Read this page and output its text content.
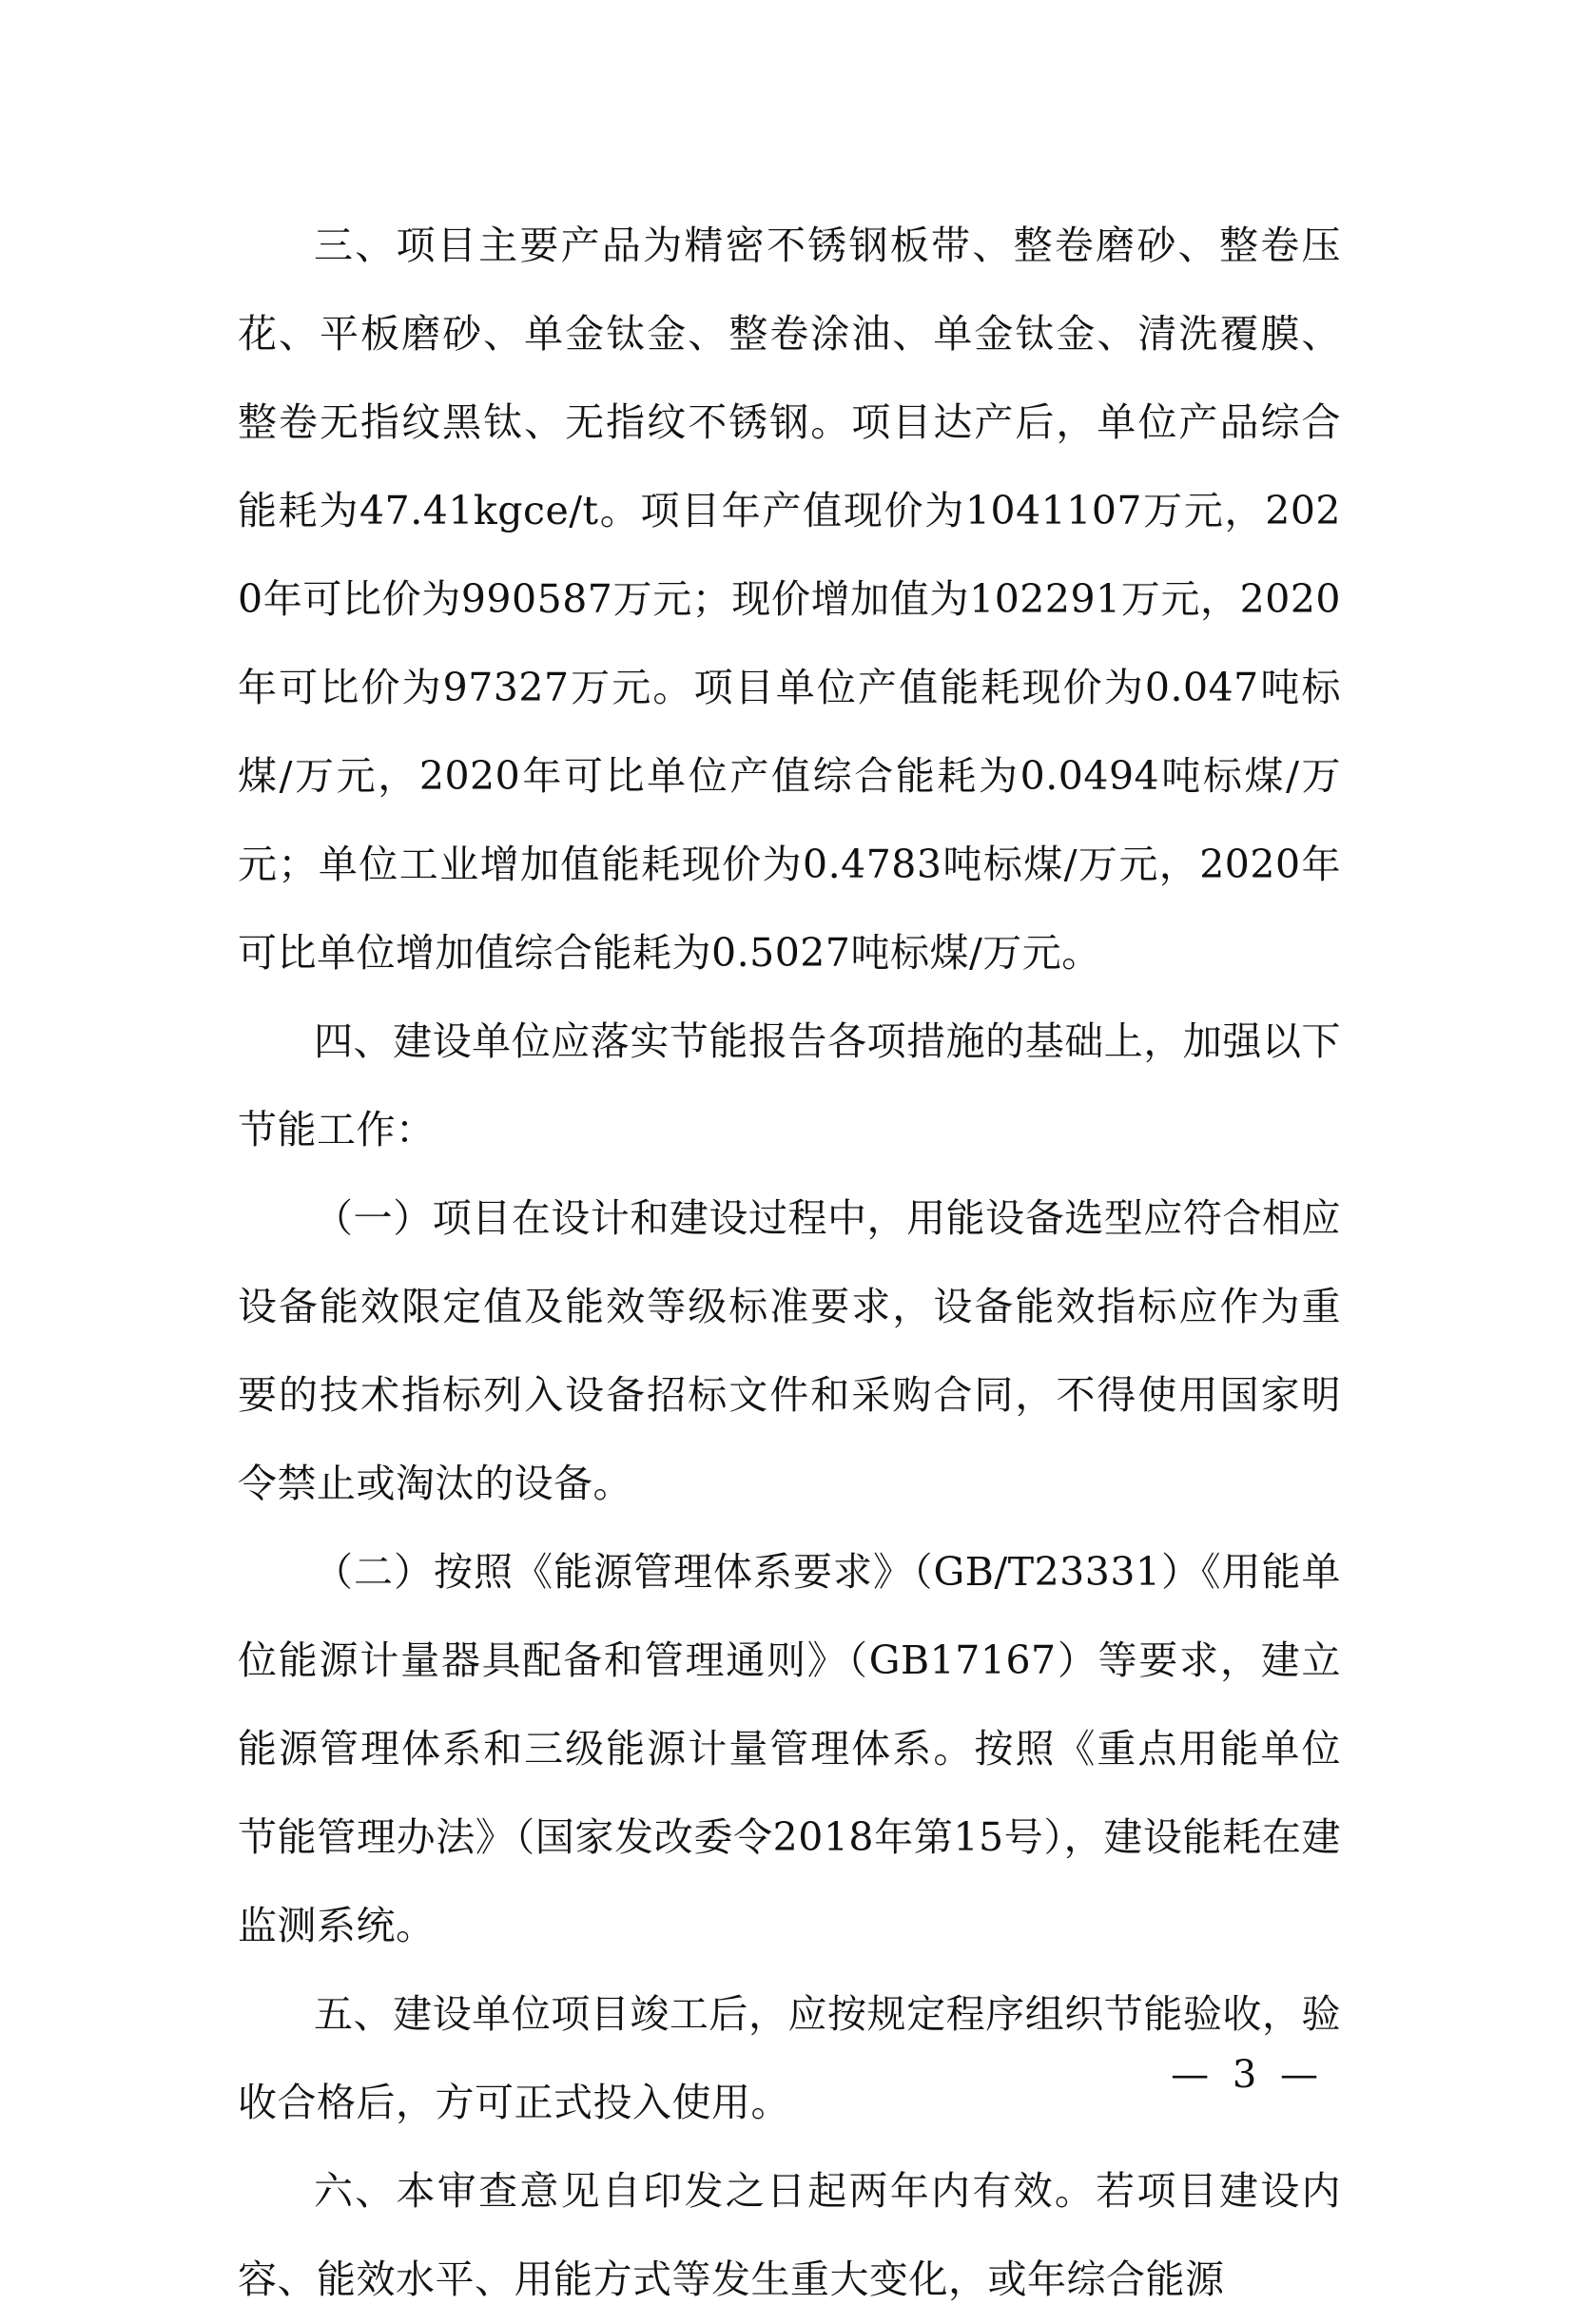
三、项目主要产品为精密不锈钢板带、整卷磨砂、整卷压花、平板磨砂、单金钛金、整卷涂油、单金钛金、清洗覆膜、整卷无指纹黑钛、无指纹不锈钢。项目达产后，单位产品综合能耗为47.41kgce/t。项目年产值现价为1041107万元，2020年可比价为990587万元；现价增加值为102291万元，2020年可比价为97327万元。项目单位产值能耗现价为0.047吨标煤/万元，2020年可比单位产值综合能耗为0.0494吨标煤/万元；单位工业增加值能耗现价为0.4783吨标煤/万元，2020年可比单位增加值综合能耗为0.5027吨标煤/万元。

四、建设单位应落实节能报告各项措施的基础上，加强以下节能工作：

（一）项目在设计和建设过程中，用能设备选型应符合相应设备能效限定值及能效等级标准要求，设备能效指标应作为重要的技术指标列入设备招标文件和采购合同，不得使用国家明令禁止或淘汰的设备。

（二）按照《能源管理体系要求》（GB/T23331）《用能单位能源计量器具配备和管理通则》（GB17167）等要求，建立能源管理体系和三级能源计量管理体系。按照《重点用能单位节能管理办法》（国家发改委令2018年第15号），建设能耗在建监测系统。

五、建设单位项目竣工后，应按规定程序组织节能验收，验收合格后，方可正式投入使用。

六、本审查意见自印发之日起两年内有效。若项目建设内容、能效水平、用能方式等发生重大变化，或年综合能源

— 3 —
